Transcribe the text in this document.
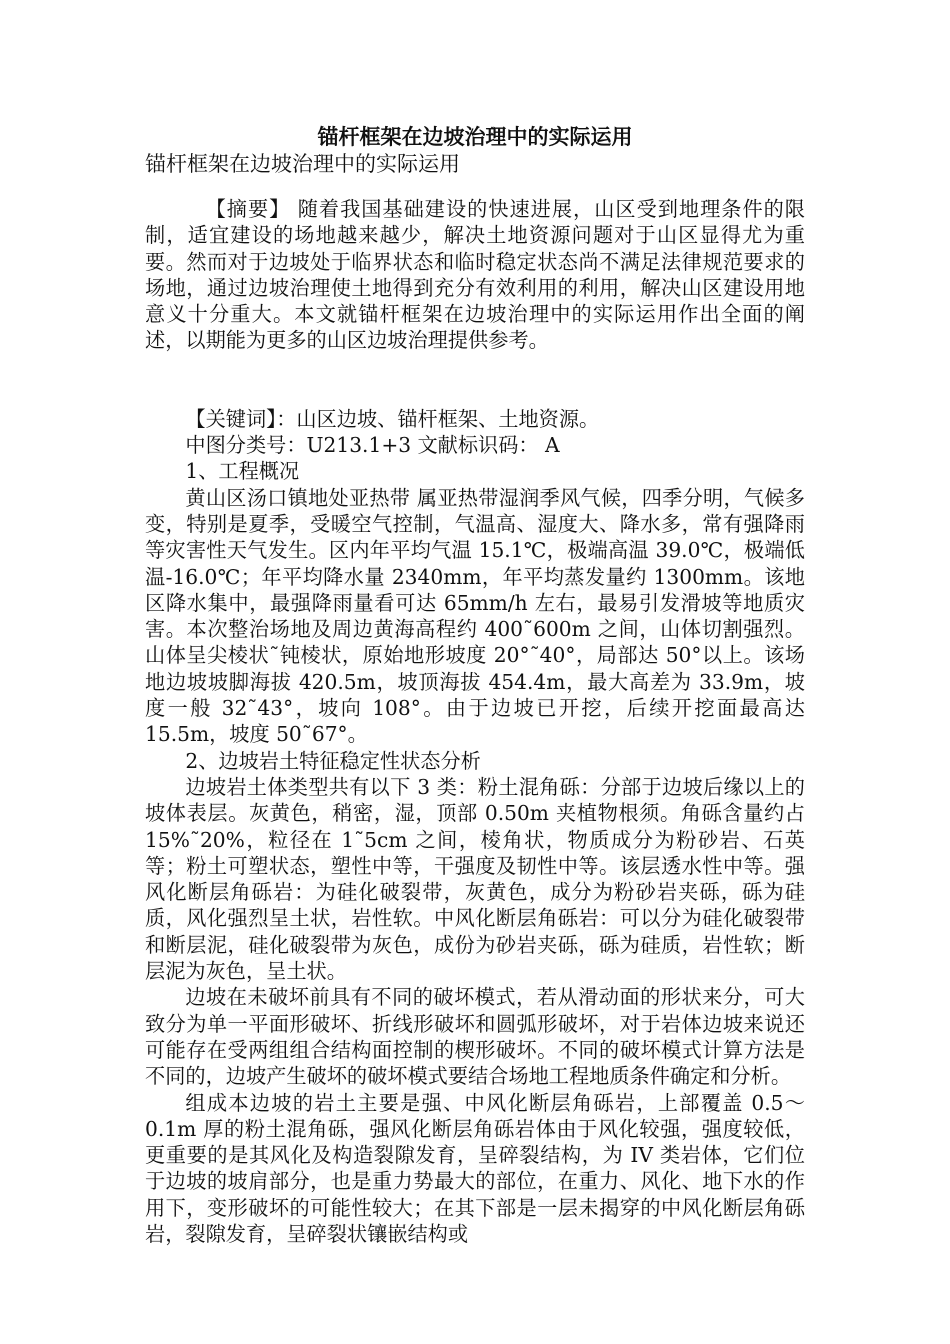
锚杆框架在边坡治理中的实际运用
锚杆框架在边坡治理中的实际运用

【摘要】 随着我国基础建设的快速进展，山区受到地理条件的限制，适宜建设的场地越来越少，解决土地资源问题对于山区显得尤为重要。然而对于边坡处于临界状态和临时稳定状态尚不满足法律规范要求的场地，通过边坡治理使土地得到充分有效利用的利用，解决山区建设用地意义十分重大。本文就锚杆框架在边坡治理中的实际运用作出全面的阐述，以期能为更多的山区边坡治理提供参考。

【关键词】：山区边坡、锚杆框架、土地资源。

中图分类号：U213.1+3 文献标识码： A

1、工程概况

黄山区汤口镇地处亚热带 属亚热带湿润季风气候，四季分明，气候多变，特别是夏季，受暖空气控制，气温高、湿度大、降水多，常有强降雨等灾害性天气发生。区内年平均气温 15.1℃，极端高温 39.0℃，极端低温-16.0℃；年平均降水量 2340mm，年平均蒸发量约 1300mm。该地区降水集中，最强降雨量看可达 65mm/h 左右，最易引发滑坡等地质灾害。本次整治场地及周边黄海高程约 400˜600m 之间，山体切割强烈。山体呈尖棱状˜钝棱状，原始地形坡度 20°˜40°，局部达 50°以上。该场地边坡坡脚海拔 420.5m，坡顶海拔 454.4m，最大高差为 33.9m，坡度一般 32˜43°，坡向 108°。由于边坡已开挖，后续开挖面最高达 15.5m，坡度 50˜67°。

2、边坡岩土特征稳定性状态分析

边坡岩土体类型共有以下 3 类：粉土混角砾：分部于边坡后缘以上的坡体表层。灰黄色，稍密，湿，顶部 0.50m 夹植物根须。角砾含量约占 15%˜20%，粒径在 1˜5cm 之间，棱角状，物质成分为粉砂岩、石英等；粉土可塑状态，塑性中等，干强度及韧性中等。该层透水性中等。强风化断层角砾岩：为硅化破裂带，灰黄色，成分为粉砂岩夹砾，砾为硅质，风化强烈呈土状，岩性软。中风化断层角砾岩：可以分为硅化破裂带和断层泥，硅化破裂带为灰色，成份为砂岩夹砾，砾为硅质，岩性软；断层泥为灰色，呈土状。

边坡在未破坏前具有不同的破坏模式，若从滑动面的形状来分，可大致分为单一平面形破坏、折线形破坏和圆弧形破坏，对于岩体边坡来说还可能存在受两组组合结构面控制的楔形破坏。不同的破坏模式计算方法是不同的，边坡产生破坏的破坏模式要结合场地工程地质条件确定和分析。

组成本边坡的岩土主要是强、中风化断层角砾岩，上部覆盖 0.5～0.1m 厚的粉土混角砾，强风化断层角砾岩体由于风化较强，强度较低，更重要的是其风化及构造裂隙发育，呈碎裂结构，为 IV 类岩体，它们位于边坡的坡肩部分，也是重力势最大的部位，在重力、风化、地下水的作用下，变形破坏的可能性较大；在其下部是一层未揭穿的中风化断层角砾岩，裂隙发育，呈碎裂状镶嵌结构或
